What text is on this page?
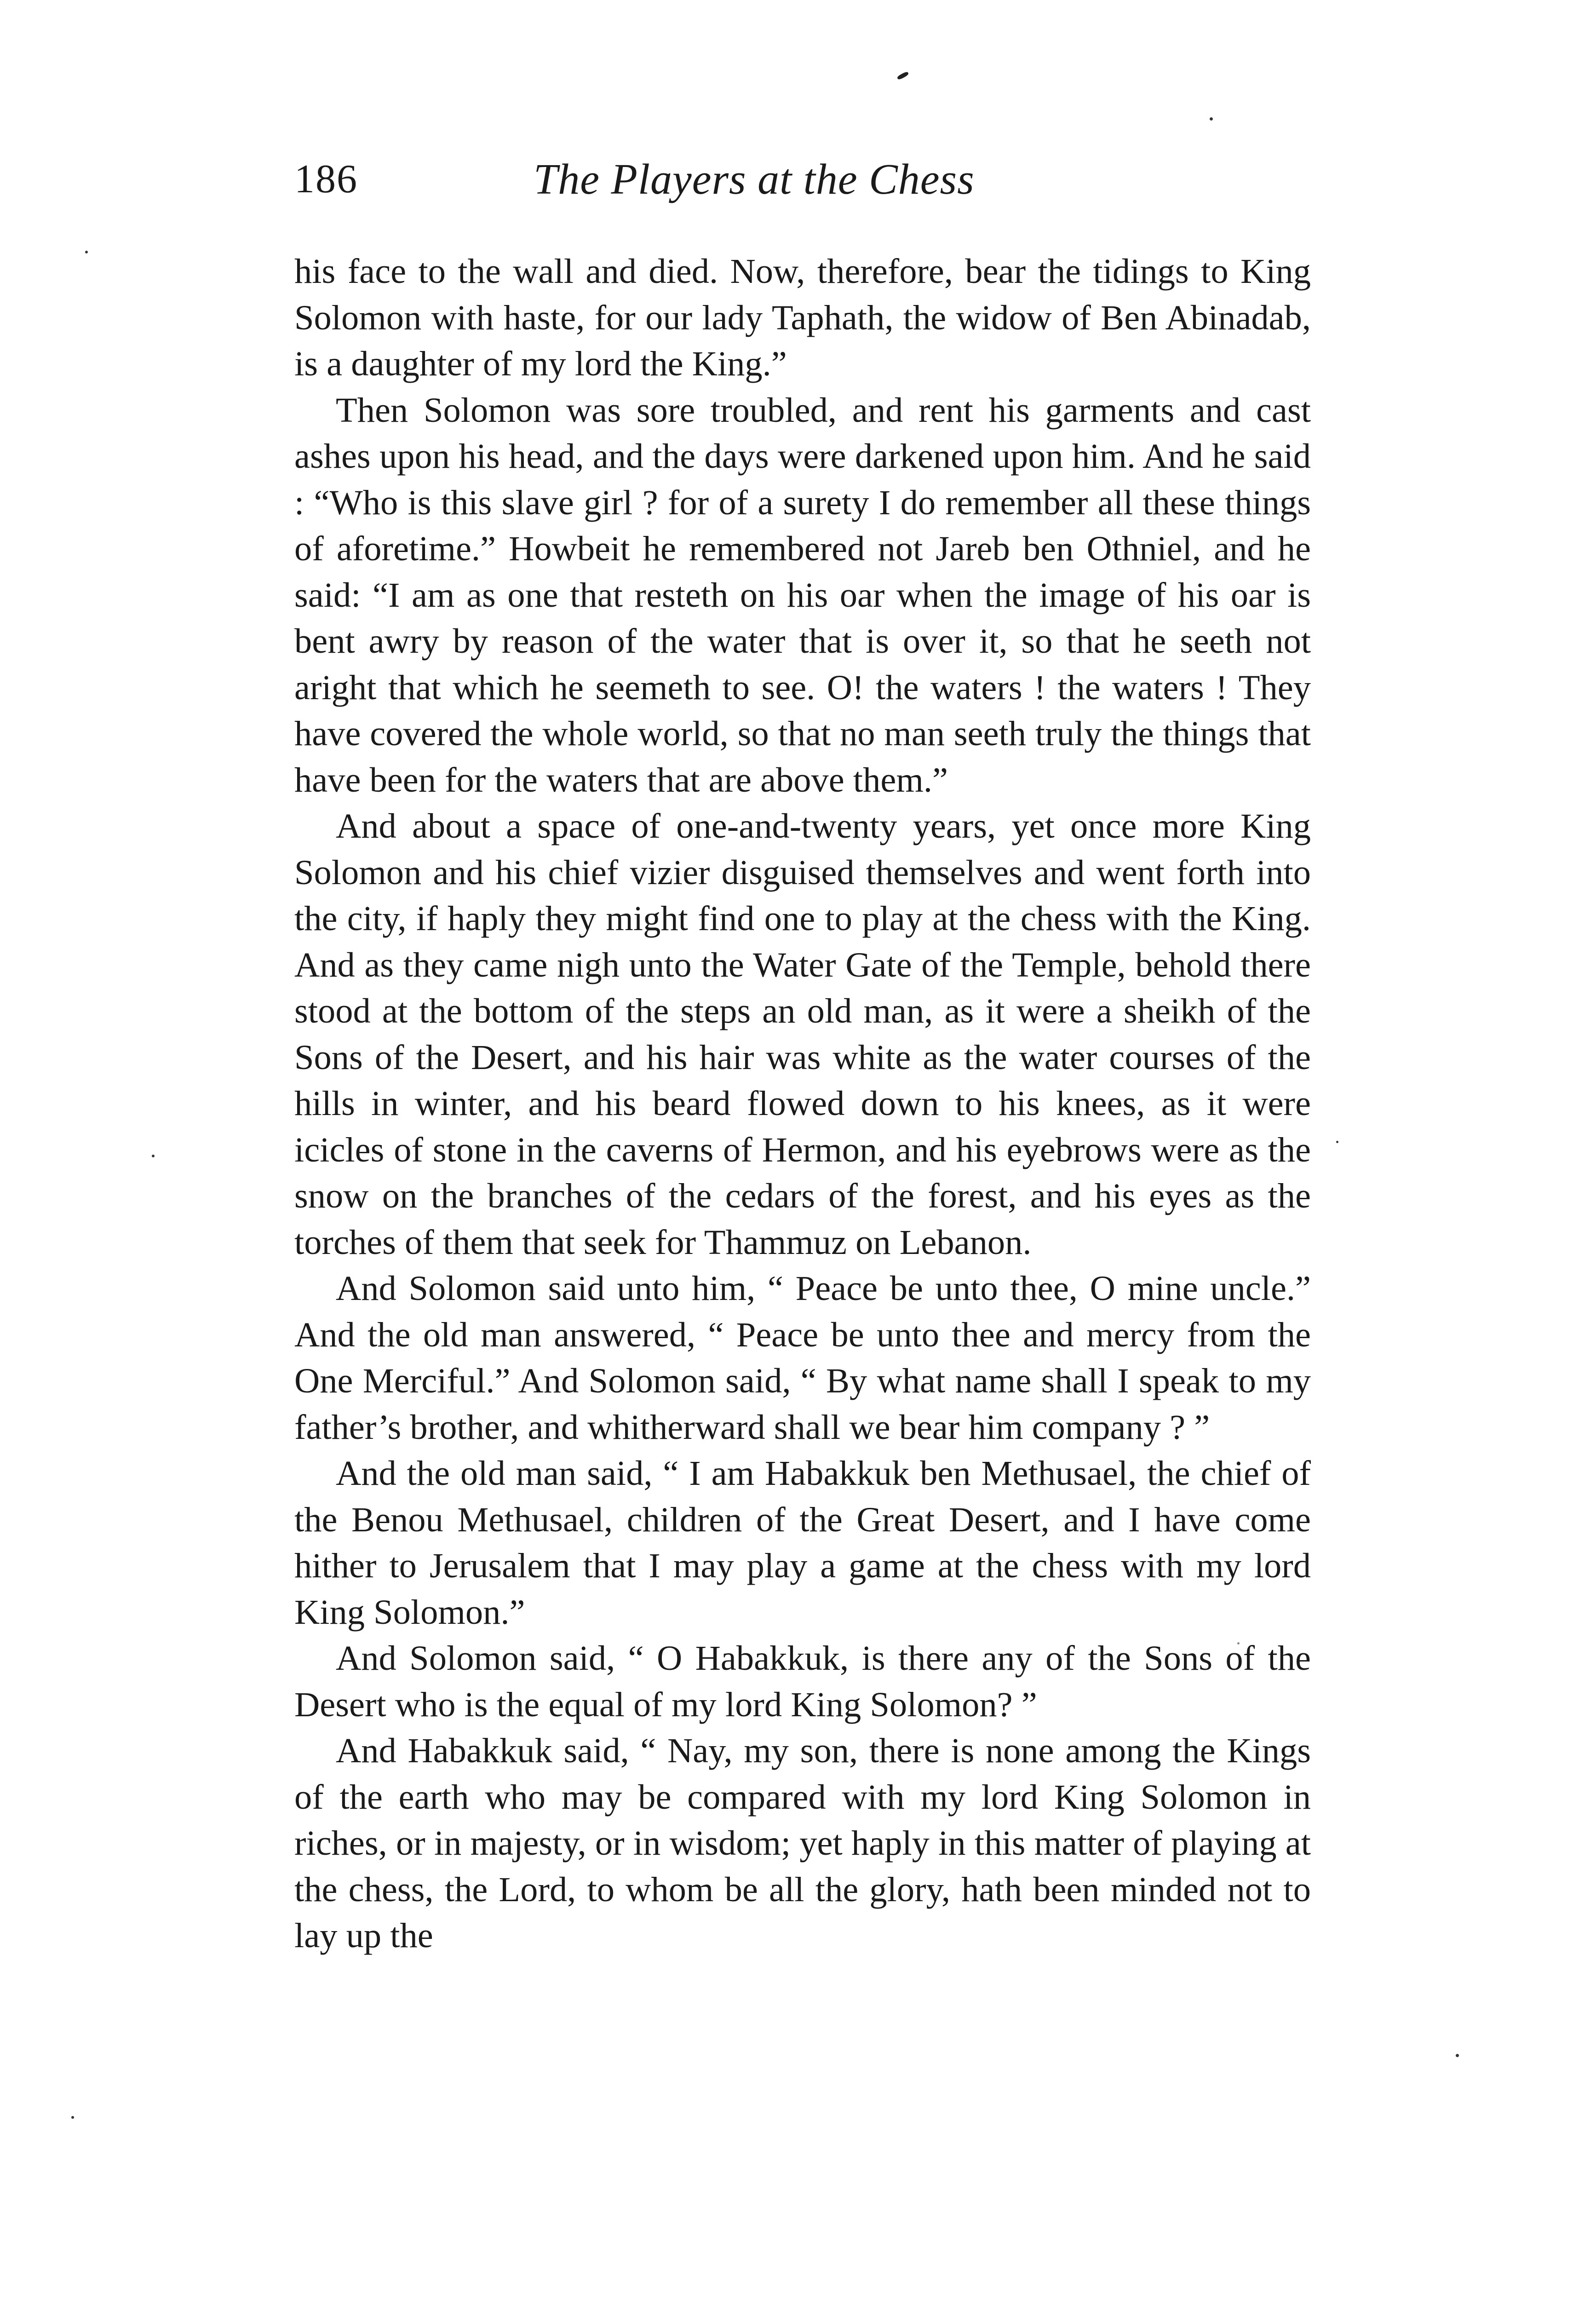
186	The Players at the Chess

his face to the wall and died. Now, therefore, bear the tidings to King Solomon with haste, for our lady Taphath, the widow of Ben Abinadab, is a daughter of my lord the King.”

Then Solomon was sore troubled, and rent his garments and cast ashes upon his head, and the days were darkened upon him. And he said : “Who is this slave girl ? for of a surety I do remember all these things of aforetime.” Howbeit he remembered not Jareb ben Othniel, and he said: “I am as one that resteth on his oar when the image of his oar is bent awry by reason of the water that is over it, so that he seeth not aright that which he seemeth to see. O! the waters ! the waters ! They have covered the whole world, so that no man seeth truly the things that have been for the waters that are above them.”

And about a space of one-and-twenty years, yet once more King Solomon and his chief vizier disguised themselves and went forth into the city, if haply they might find one to play at the chess with the King. And as they came nigh unto the Water Gate of the Temple, behold there stood at the bottom of the steps an old man, as it were a sheikh of the Sons of the Desert, and his hair was white as the water courses of the hills in winter, and his beard flowed down to his knees, as it were icicles of stone in the caverns of Hermon, and his eyebrows were as the snow on the branches of the cedars of the forest, and his eyes as the torches of them that seek for Thammuz on Lebanon.

And Solomon said unto him, “ Peace be unto thee, O mine uncle.” And the old man answered, “ Peace be unto thee and mercy from the One Merciful.” And Solomon said, “ By what name shall I speak to my father’s brother, and whitherward shall we bear him company ? ”

And the old man said, “ I am Habakkuk ben Methusael, the chief of the Benou Methusael, children of the Great Desert, and I have come hither to Jerusalem that I may play a game at the chess with my lord King Solomon.”

And Solomon said, “ O Habakkuk, is there any of the Sons of the Desert who is the equal of my lord King Solomon? ”

And Habakkuk said, “ Nay, my son, there is none among the Kings of the earth who may be compared with my lord King Solomon in riches, or in majesty, or in wisdom; yet haply in this matter of playing at the chess, the Lord, to whom be all the glory, hath been minded not to lay up the
